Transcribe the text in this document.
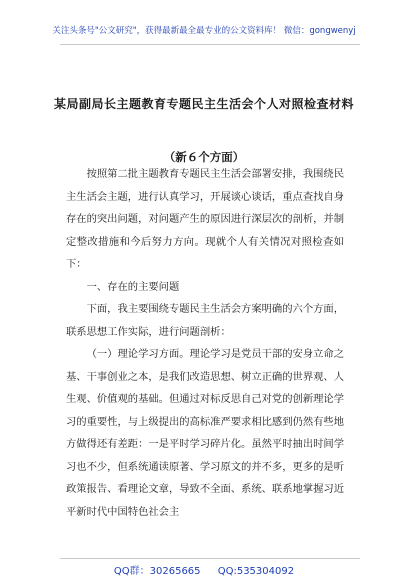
关注头条号"公文研究"，获得最新最全最专业的公文资料库！ 微信：gongwenyj
某局副局长主题教育专题民主生活会个人对照检查材料
（新６个方面）

按照第二批主题教育专题民主生活会部署安排，我围绕民主生活会主题，进行认真学习，开展谈心谈话，重点查找自身存在的突出问题，对问题产生的原因进行深层次的剖析，并制定整改措施和今后努力方向。现就个人有关情况对照检查如下：

一、存在的主要问题

下面，我主要围绕专题民主生活会方案明确的六个方面，联系思想工作实际，进行问题剖析：

（一）理论学习方面。理论学习是党员干部的安身立命之基、干事创业之本，是我们改造思想、树立正确的世界观、人生观、价值观的基础。但通过对标反思自己对党的创新理论学习的重要性，与上级提出的高标准严要求相比感到仍然有些地方做得还有差距：一是平时学习碎片化。虽然平时抽出时间学习也不少，但系统通读原著、学习原文的并不多，更多的是听政策报告、看理论文章，导致不全面、系统、联系地掌握习近平新时代中国特色社会主

QQ群：30265665 QQ:535304092
